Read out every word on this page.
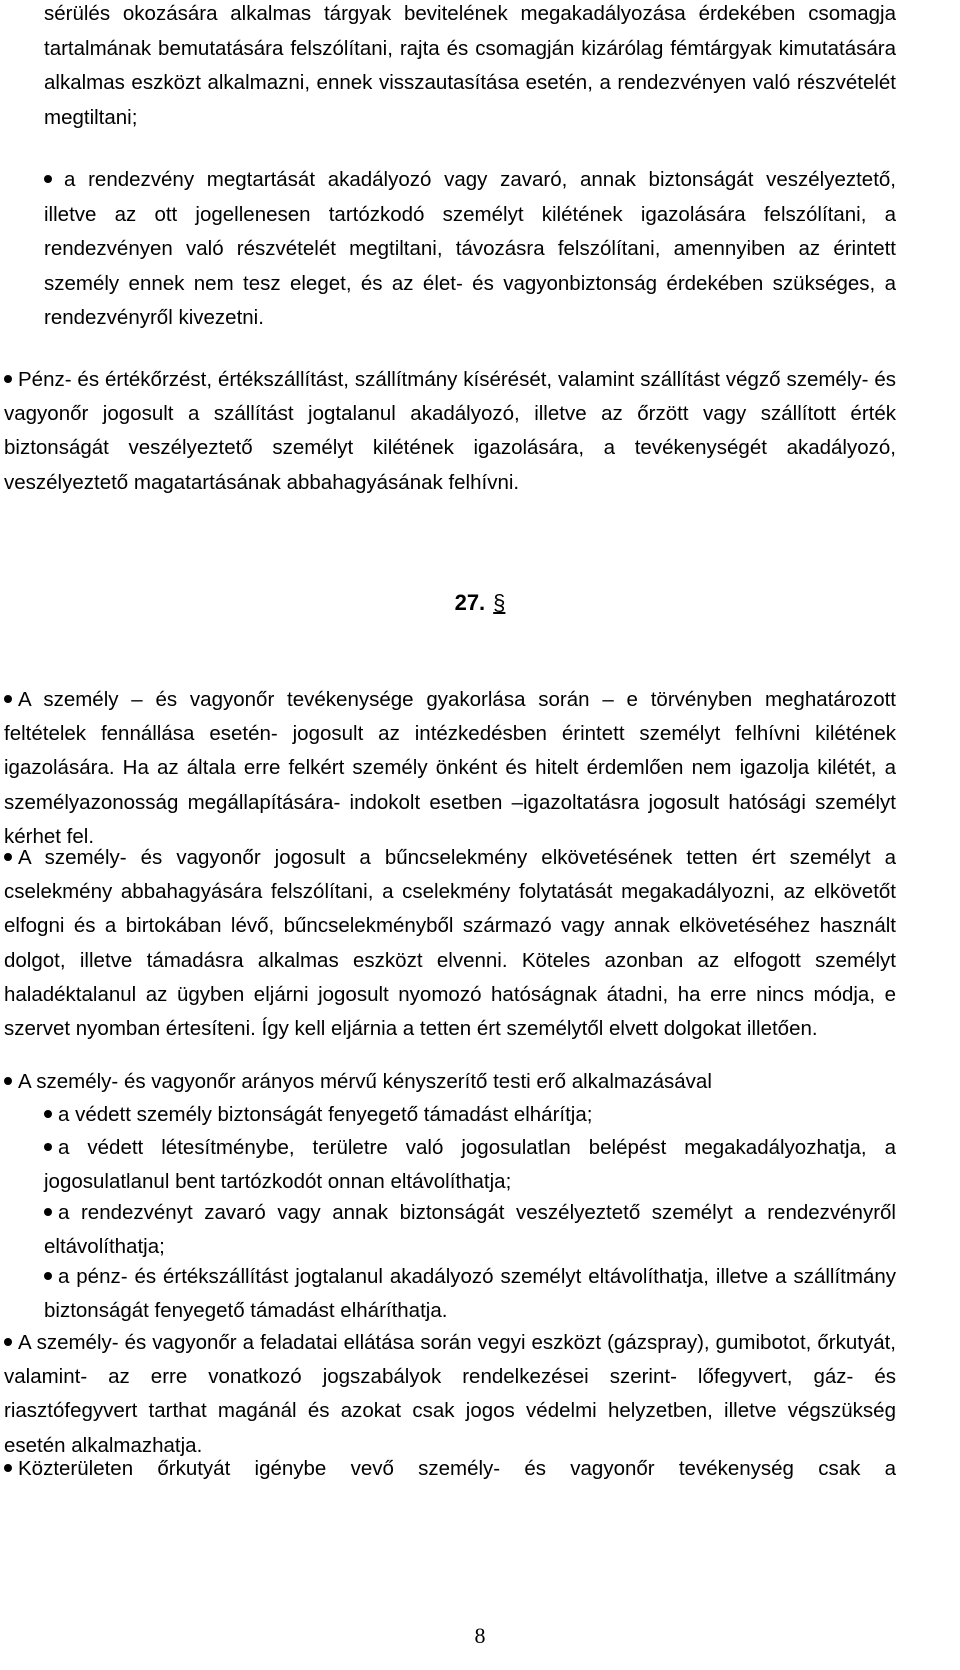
sérülés okozására alkalmas tárgyak bevitelének megakadályozása érdekében csomagja tartalmának bemutatására felszólítani, rajta és csomagján kizárólag fémtárgyak kimutatására alkalmas eszközt alkalmazni, ennek visszautasítása esetén, a rendezvényen való részvételét megtiltani;

a rendezvény megtartását akadályozó vagy zavaró, annak biztonságát veszélyeztető, illetve az ott jogellenesen tartózkodó személyt kilétének igazolására felszólítani, a rendezvényen való részvételét megtiltani, távozásra felszólítani, amennyiben az érintett személy ennek nem tesz eleget, és az élet- és vagyonbiztonság érdekében szükséges, a rendezvényről kivezetni.

Pénz- és értékőrzést, értékszállítást, szállítmány kísérését, valamint szállítást végző személy- és vagyonőr jogosult a szállítást jogtalanul akadályozó, illetve az őrzött vagy szállított érték biztonságát veszélyeztető személyt kilétének igazolására, a tevékenységét akadályozó, veszélyeztető magatartásának abbahagyásának felhívni.

27. §

A személy – és vagyonőr tevékenysége gyakorlása során – e törvényben meghatározott feltételek fennállása esetén- jogosult az intézkedésben érintett személyt felhívni kilétének igazolására. Ha az általa erre felkért személy önként és hitelt érdemlően nem igazolja kilétét, a személyazonosság megállapítására- indokolt esetben –igazoltatásra jogosult hatósági személyt kérhet fel.

A személy- és vagyonőr jogosult a bűncselekmény elkövetésének tetten ért személyt a cselekmény abbahagyására felszólítani, a cselekmény folytatását megakadályozni, az elkövetőt elfogni és a birtokában lévő, bűncselekményből származó vagy annak elkövetéséhez használt dolgot, illetve támadásra alkalmas eszközt elvenni. Köteles azonban az elfogott személyt haladéktalanul az ügyben eljárni jogosult nyomozó hatóságnak átadni, ha erre nincs módja, e szervet nyomban értesíteni. Így kell eljárnia a tetten ért személytől elvett dolgokat illetően.

A személy- és vagyonőr arányos mérvű kényszerítő testi erő alkalmazásával

a védett személy biztonságát fenyegető támadást elhárítja;

a védett létesítménybe, területre való jogosulatlan belépést megakadályozhatja, a jogosulatlanul bent tartózkodót onnan eltávolíthatja;

a rendezvényt zavaró vagy annak biztonságát veszélyeztető személyt a rendezvényről eltávolíthatja;

a pénz- és értékszállítást jogtalanul akadályozó személyt eltávolíthatja, illetve a szállítmány biztonságát fenyegető támadást elháríthatja.

A személy- és vagyonőr a feladatai ellátása során vegyi eszközt (gázspray), gumibotot, őrkutyát, valamint- az erre vonatkozó jogszabályok rendelkezései szerint- lőfegyvert, gáz- és riasztófegyvert tarthat magánál és azokat csak jogos védelmi helyzetben, illetve végszükség esetén alkalmazhatja.

Közterületen őrkutyát igénybe vevő személy- és vagyonőr tevékenység csak a

8
